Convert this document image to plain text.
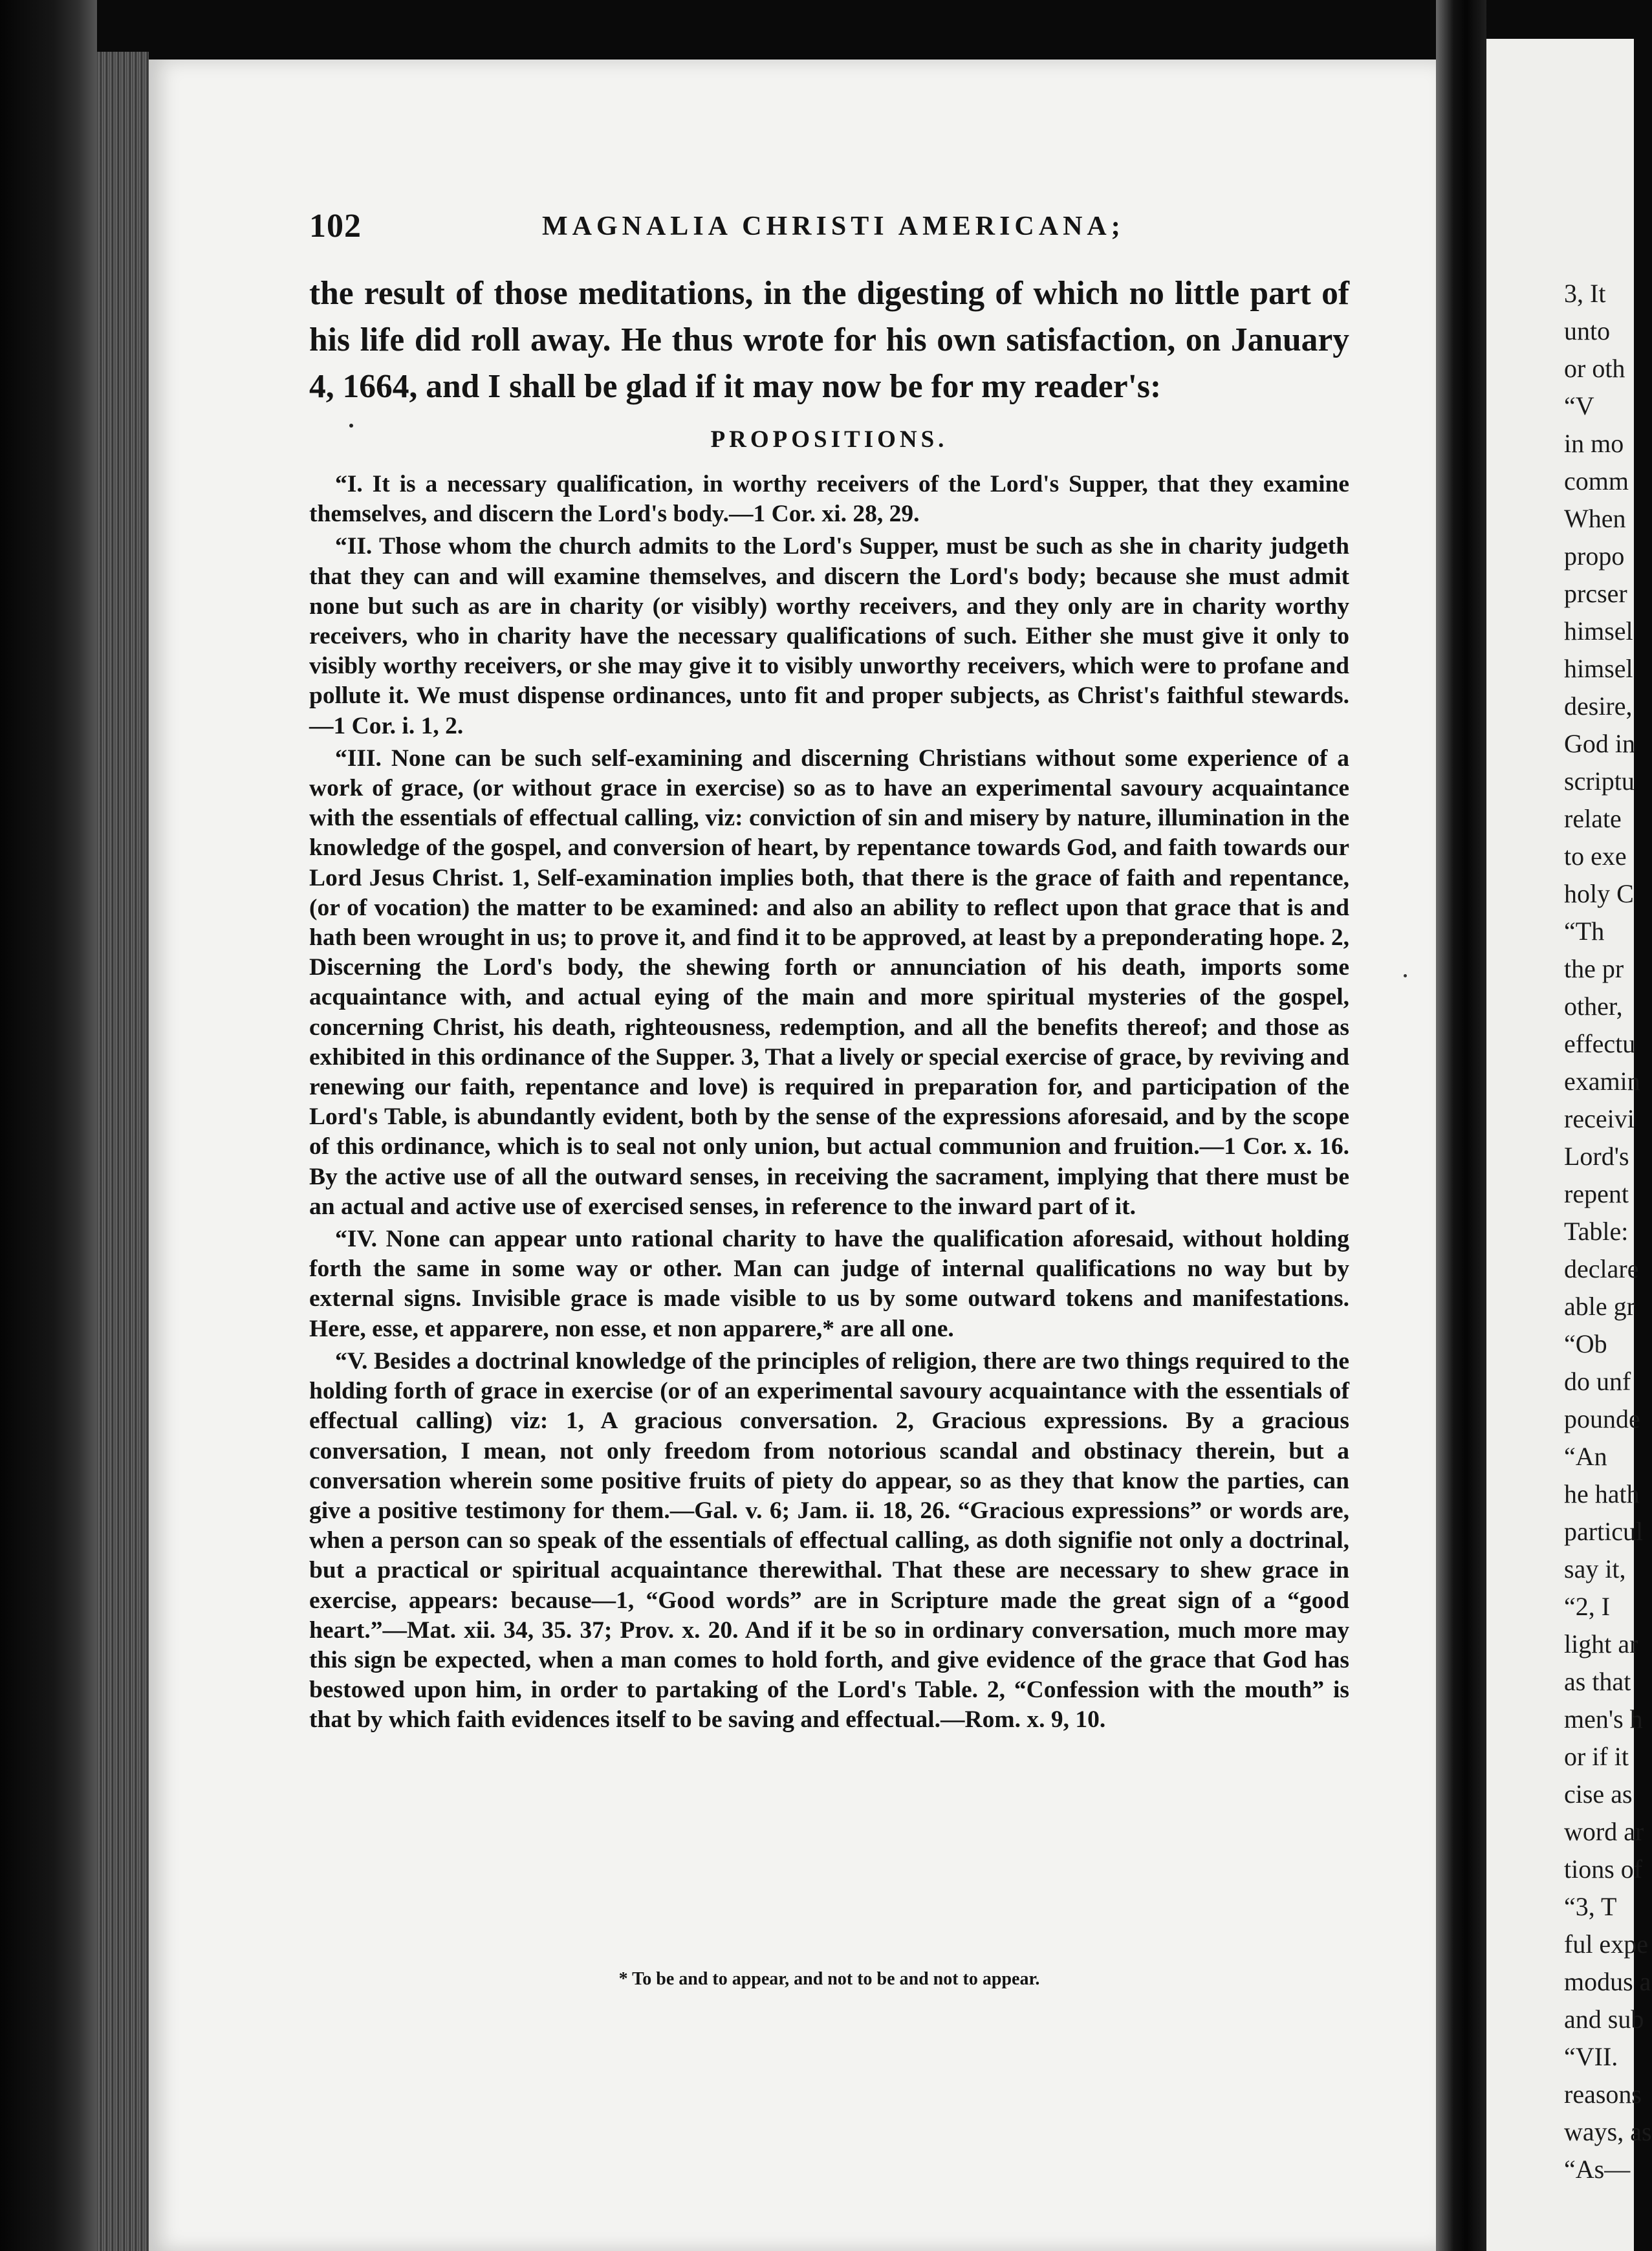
102	MAGNALIA CHRISTI AMERICANA;

the result of those meditations, in the digesting of which no little part of his life did roll away. He thus wrote for his own satisfaction, on January 4, 1664, and I shall be glad if it may now be for my reader's:

PROPOSITIONS.

“I. It is a necessary qualification, in worthy receivers of the Lord's Supper, that they examine themselves, and discern the Lord's body.—1 Cor. xi. 28, 29.

“II. Those whom the church admits to the Lord's Supper, must be such as she in charity judgeth that they can and will examine themselves, and discern the Lord's body; because she must admit none but such as are in charity (or visibly) worthy receivers, and they only are in charity worthy receivers, who in charity have the necessary qualifications of such. Either she must give it only to visibly worthy receivers, or she may give it to visibly unworthy receivers, which were to profane and pollute it. We must dispense ordinances, unto fit and proper subjects, as Christ's faithful stewards.—1 Cor. i. 1, 2.

“III. None can be such self-examining and discerning Christians without some experience of a work of grace, (or without grace in exercise) so as to have an experimental savoury acquaintance with the essentials of effectual calling, viz: conviction of sin and misery by nature, illumination in the knowledge of the gospel, and conversion of heart, by repentance towards God, and faith towards our Lord Jesus Christ. 1, Self-examination implies both, that there is the grace of faith and repentance, (or of vocation) the matter to be examined: and also an ability to reflect upon that grace that is and hath been wrought in us; to prove it, and find it to be approved, at least by a preponderating hope. 2, Discerning the Lord's body, the shewing forth or annunciation of his death, imports some acquaintance with, and actual eying of the main and more spiritual mysteries of the gospel, concerning Christ, his death, righteousness, redemption, and all the benefits thereof; and those as exhibited in this ordinance of the Supper. 3, That a lively or special exercise of grace, by reviving and renewing our faith, repentance and love) is required in preparation for, and participation of the Lord's Table, is abundantly evident, both by the sense of the expressions aforesaid, and by the scope of this ordinance, which is to seal not only union, but actual communion and fruition.—1 Cor. x. 16. By the active use of all the outward senses, in receiving the sacrament, implying that there must be an actual and active use of exercised senses, in reference to the inward part of it.

“IV. None can appear unto rational charity to have the qualification aforesaid, without holding forth the same in some way or other. Man can judge of internal qualifications no way but by external signs. Invisible grace is made visible to us by some outward tokens and manifestations. Here, esse, et apparere, non esse, et non apparere,* are all one.

“V. Besides a doctrinal knowledge of the principles of religion, there are two things required to the holding forth of grace in exercise (or of an experimental savoury acquaintance with the essentials of effectual calling) viz: 1, A gracious conversation. 2, Gracious expressions. By a gracious conversation, I mean, not only freedom from notorious scandal and obstinacy therein, but a conversation wherein some positive fruits of piety do appear, so as they that know the parties, can give a positive testimony for them.—Gal. v. 6; Jam. ii. 18, 26. “Gracious expressions” or words are, when a person can so speak of the essentials of effectual calling, as doth signifie not only a doctrinal, but a practical or spiritual acquaintance therewithal. That these are necessary to shew grace in exercise, appears: because—1, “Good words” are in Scripture made the great sign of a “good heart.”—Mat. xii. 34, 35. 37; Prov. x. 20. And if it be so in ordinary conversation, much more may this sign be expected, when a man comes to hold forth, and give evidence of the grace that God has bestowed upon him, in order to partaking of the Lord's Table. 2, “Confession with the mouth” is that by which faith evidences itself to be saving and effectual.—Rom. x. 9, 10.

* To be and to appear, and not to be and not to appear.
3, It
unto
or oth
“V
in mo
comm
When
propo
prcser
himsel
himsel
desire,
God in
scriptu
relate
to exe
holy C
“Th
the pr
other,
effectu
examin
receivi
Lord's
repent
Table:
declare
able gr
“Ob
do unf
pounde
“An
he hath
particul
say it,
“2, I
light ar
as that
men's h
or if it
cise as
word ar
tions of
“3, T
ful expe
modus a
and sub
“VII.
reasons
ways, as
“As—
